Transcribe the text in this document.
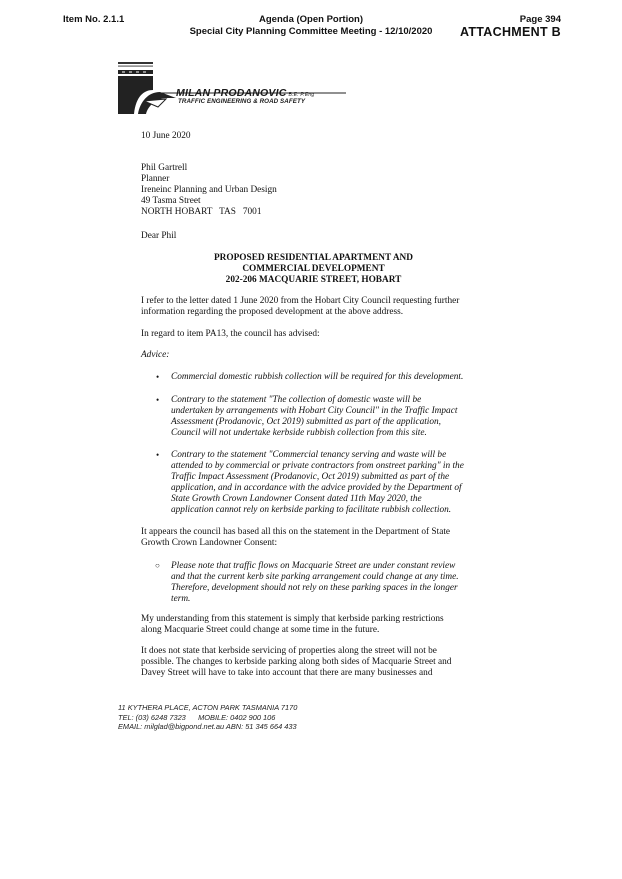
Item No. 2.1.1	Agenda (Open Portion)
Special City Planning Committee Meeting - 12/10/2020
Page 394
ATTACHMENT B
MILAN PRODANOVIC B.E. P.Eng
TRAFFIC ENGINEERING & ROAD SAFETY
10 June 2020
Phil Gartrell
Planner
Ireneinc Planning and Urban Design
49 Tasma Street
NORTH HOBART   TAS   7001
Dear Phil
PROPOSED RESIDENTIAL APARTMENT AND
COMMERCIAL DEVELOPMENT
202-206 MACQUARIE STREET, HOBART
I refer to the letter dated 1 June 2020 from the Hobart City Council requesting further
information regarding the proposed development at the above address.
In regard to item PA13, the council has advised:
Advice:
• Commercial domestic rubbish collection will be required for this development.
• Contrary to the statement "The collection of domestic waste will be
undertaken by arrangements with Hobart City Council" in the Traffic Impact
Assessment (Prodanovic, Oct 2019) submitted as part of the application,
Council will not undertake kerbside rubbish collection from this site.
• Contrary to the statement "Commercial tenancy serving and waste will be
attended to by commercial or private contractors from onstreet parking" in the
Traffic Impact Assessment (Prodanovic, Oct 2019) submitted as part of the
application, and in accordance with the advice provided by the Department of
State Growth Crown Landowner Consent dated 11th May 2020, the
application cannot rely on kerbside parking to facilitate rubbish collection.
It appears the council has based all this on the statement in the Department of State
Growth Crown Landowner Consent:
○ Please note that traffic flows on Macquarie Street are under constant review
and that the current kerb site parking arrangement could change at any time.
Therefore, development should not rely on these parking spaces in the longer
term.
My understanding from this statement is simply that kerbside parking restrictions
along Macquarie Street could change at some time in the future.
It does not state that kerbside servicing of properties along the street will not be
possible. The changes to kerbside parking along both sides of Macquarie Street and
Davey Street will have to take into account that there are many businesses and
11 KYTHERA PLACE, ACTON PARK TASMANIA 7170
TEL: (03) 6248 7323      MOBILE: 0402 900 106
EMAIL: milglad@bigpond.net.au ABN: 51 345 664 433
